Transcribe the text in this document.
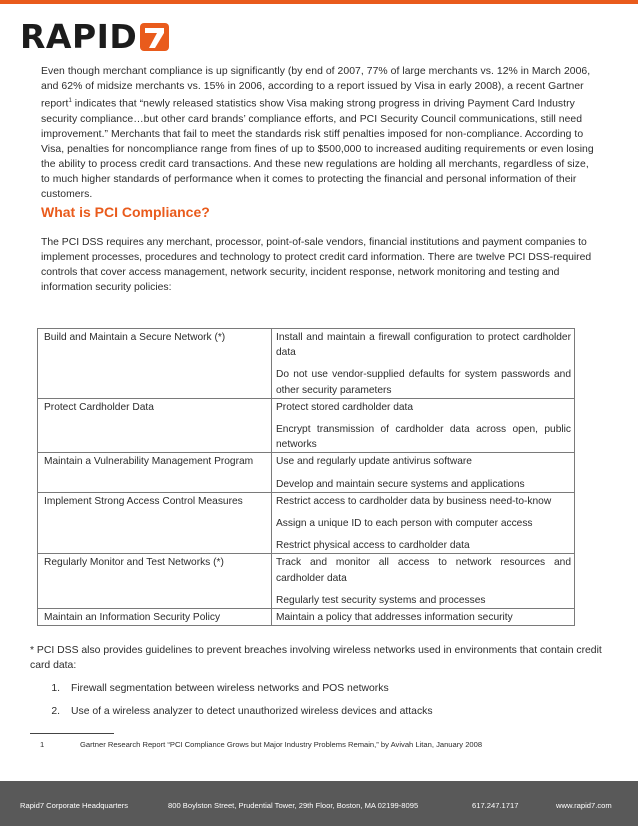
RAPID
Even though merchant compliance is up significantly (by end of 2007, 77% of large merchants vs. 12% in March 2006, and 62% of midsize merchants vs. 15% in 2006, according to a report issued by Visa in early 2008), a recent Gartner report$^1$ indicates that “newly released statistics show Visa making strong progress in driving Payment Card Industry security compliance…but other card brands’ compliance efforts, and PCI Security Council communications, still need improvement.” Merchants that fail to meet the standards risk stiff penalties imposed for non-compliance. According to Visa, penalties for noncompliance range from fines of up to $500,000 to increased auditing requirements or even losing the ability to process credit card transactions. And these new regulations are holding all merchants, regardless of size, to much higher standards of performance when it comes to protecting the financial and personal information of their customers.
What is PCI Compliance?
The PCI DSS requires any merchant, processor, point-of-sale vendors, financial institutions and payment companies to implement processes, procedures and technology to protect credit card information. There are twelve PCI DSS-required controls that cover access management, network security, incident response, network monitoring and testing and information security policies:
Build and Maintain a Secure Network (*)	Install and maintain a firewall configuration to protect cardholder data
Do not use vendor-supplied defaults for system passwords and other security parameters

Protect Cardholder Data	Protect stored cardholder data
Encrypt transmission of cardholder data across open, public networks

Maintain a Vulnerability Management Program	Use and regularly update antivirus software
Develop and maintain secure systems and applications

Implement Strong Access Control Measures	Restrict access to cardholder data by business need-to-know
Assign a unique ID to each person with computer access
Restrict physical access to cardholder data

Regularly Monitor and Test Networks (*)	Track and monitor all access to network resources and cardholder data
Regularly test security systems and processes

Maintain an Information Security Policy	Maintain a policy that addresses information security
* PCI DSS also provides guidelines to prevent breaches involving wireless networks used in environments that contain credit card data:
1.	Firewall segmentation between wireless networks and POS networks
2.	Use of a wireless analyzer to detect unauthorized wireless devices and attacks
1	Gartner Research Report “PCI Compliance Grows but Major Industry Problems Remain,” by Avivah Litan, January 2008
Rapid7 Corporate Headquarters	800 Boylston Street, Prudential Tower, 29th Floor, Boston, MA 02199-8095	617.247.1717	www.rapid7.com
